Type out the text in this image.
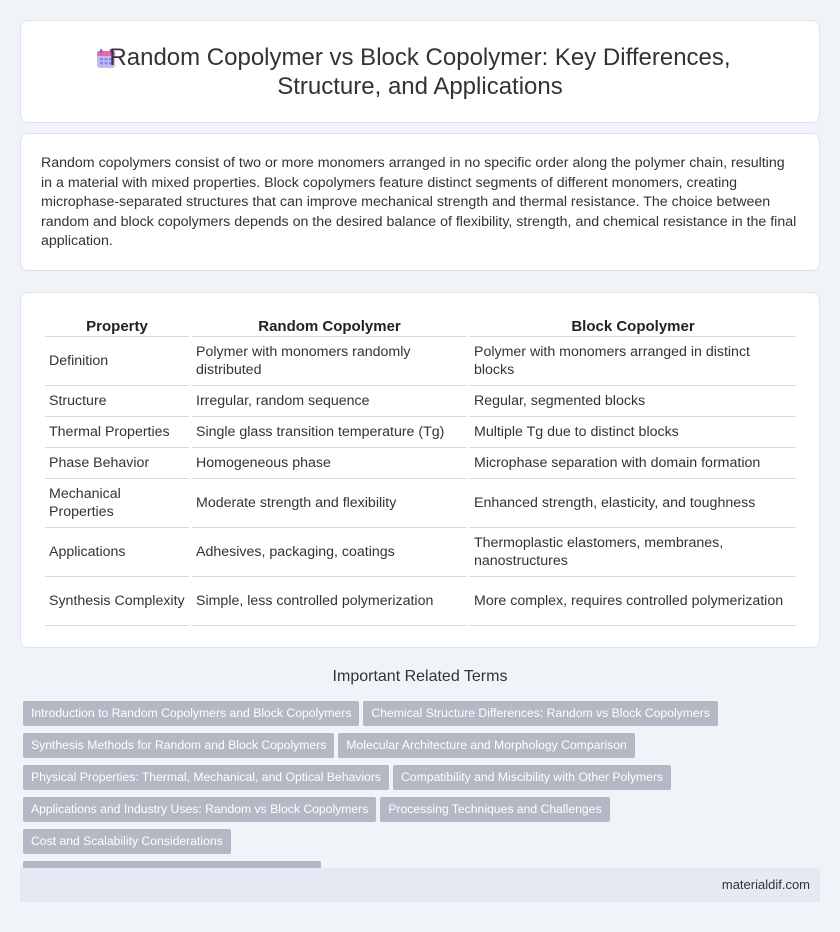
Random Copolymer vs Block Copolymer: Key Differences, Structure, and Applications

Random copolymers consist of two or more monomers arranged in no specific order along the polymer chain, resulting in a material with mixed properties. Block copolymers feature distinct segments of different monomers, creating microphase-separated structures that can improve mechanical strength and thermal resistance. The choice between random and block copolymers depends on the desired balance of flexibility, strength, and chemical resistance in the final application.

Property	Random Copolymer	Block Copolymer
Definition	Polymer with monomers randomly distributed	Polymer with monomers arranged in distinct blocks
Structure	Irregular, random sequence	Regular, segmented blocks
Thermal Properties	Single glass transition temperature (Tg)	Multiple Tg due to distinct blocks
Phase Behavior	Homogeneous phase	Microphase separation with domain formation
Mechanical Properties	Moderate strength and flexibility	Enhanced strength, elasticity, and toughness
Applications	Adhesives, packaging, coatings	Thermoplastic elastomers, membranes, nanostructures
Synthesis Complexity	Simple, less controlled polymerization	More complex, requires controlled polymerization
Important Related Terms
Introduction to Random Copolymers and Block Copolymers Chemical Structure Differences: Random vs Block Copolymers
Synthesis Methods for Random and Block Copolymers Molecular Architecture and Morphology Comparison
Physical Properties: Thermal, Mechanical, and Optical Behaviors Compatibility and Miscibility with Other Polymers
Applications and Industry Uses: Random vs Block Copolymers Processing Techniques and ChallengesCost and Scalability Considerations

materialdif.com
